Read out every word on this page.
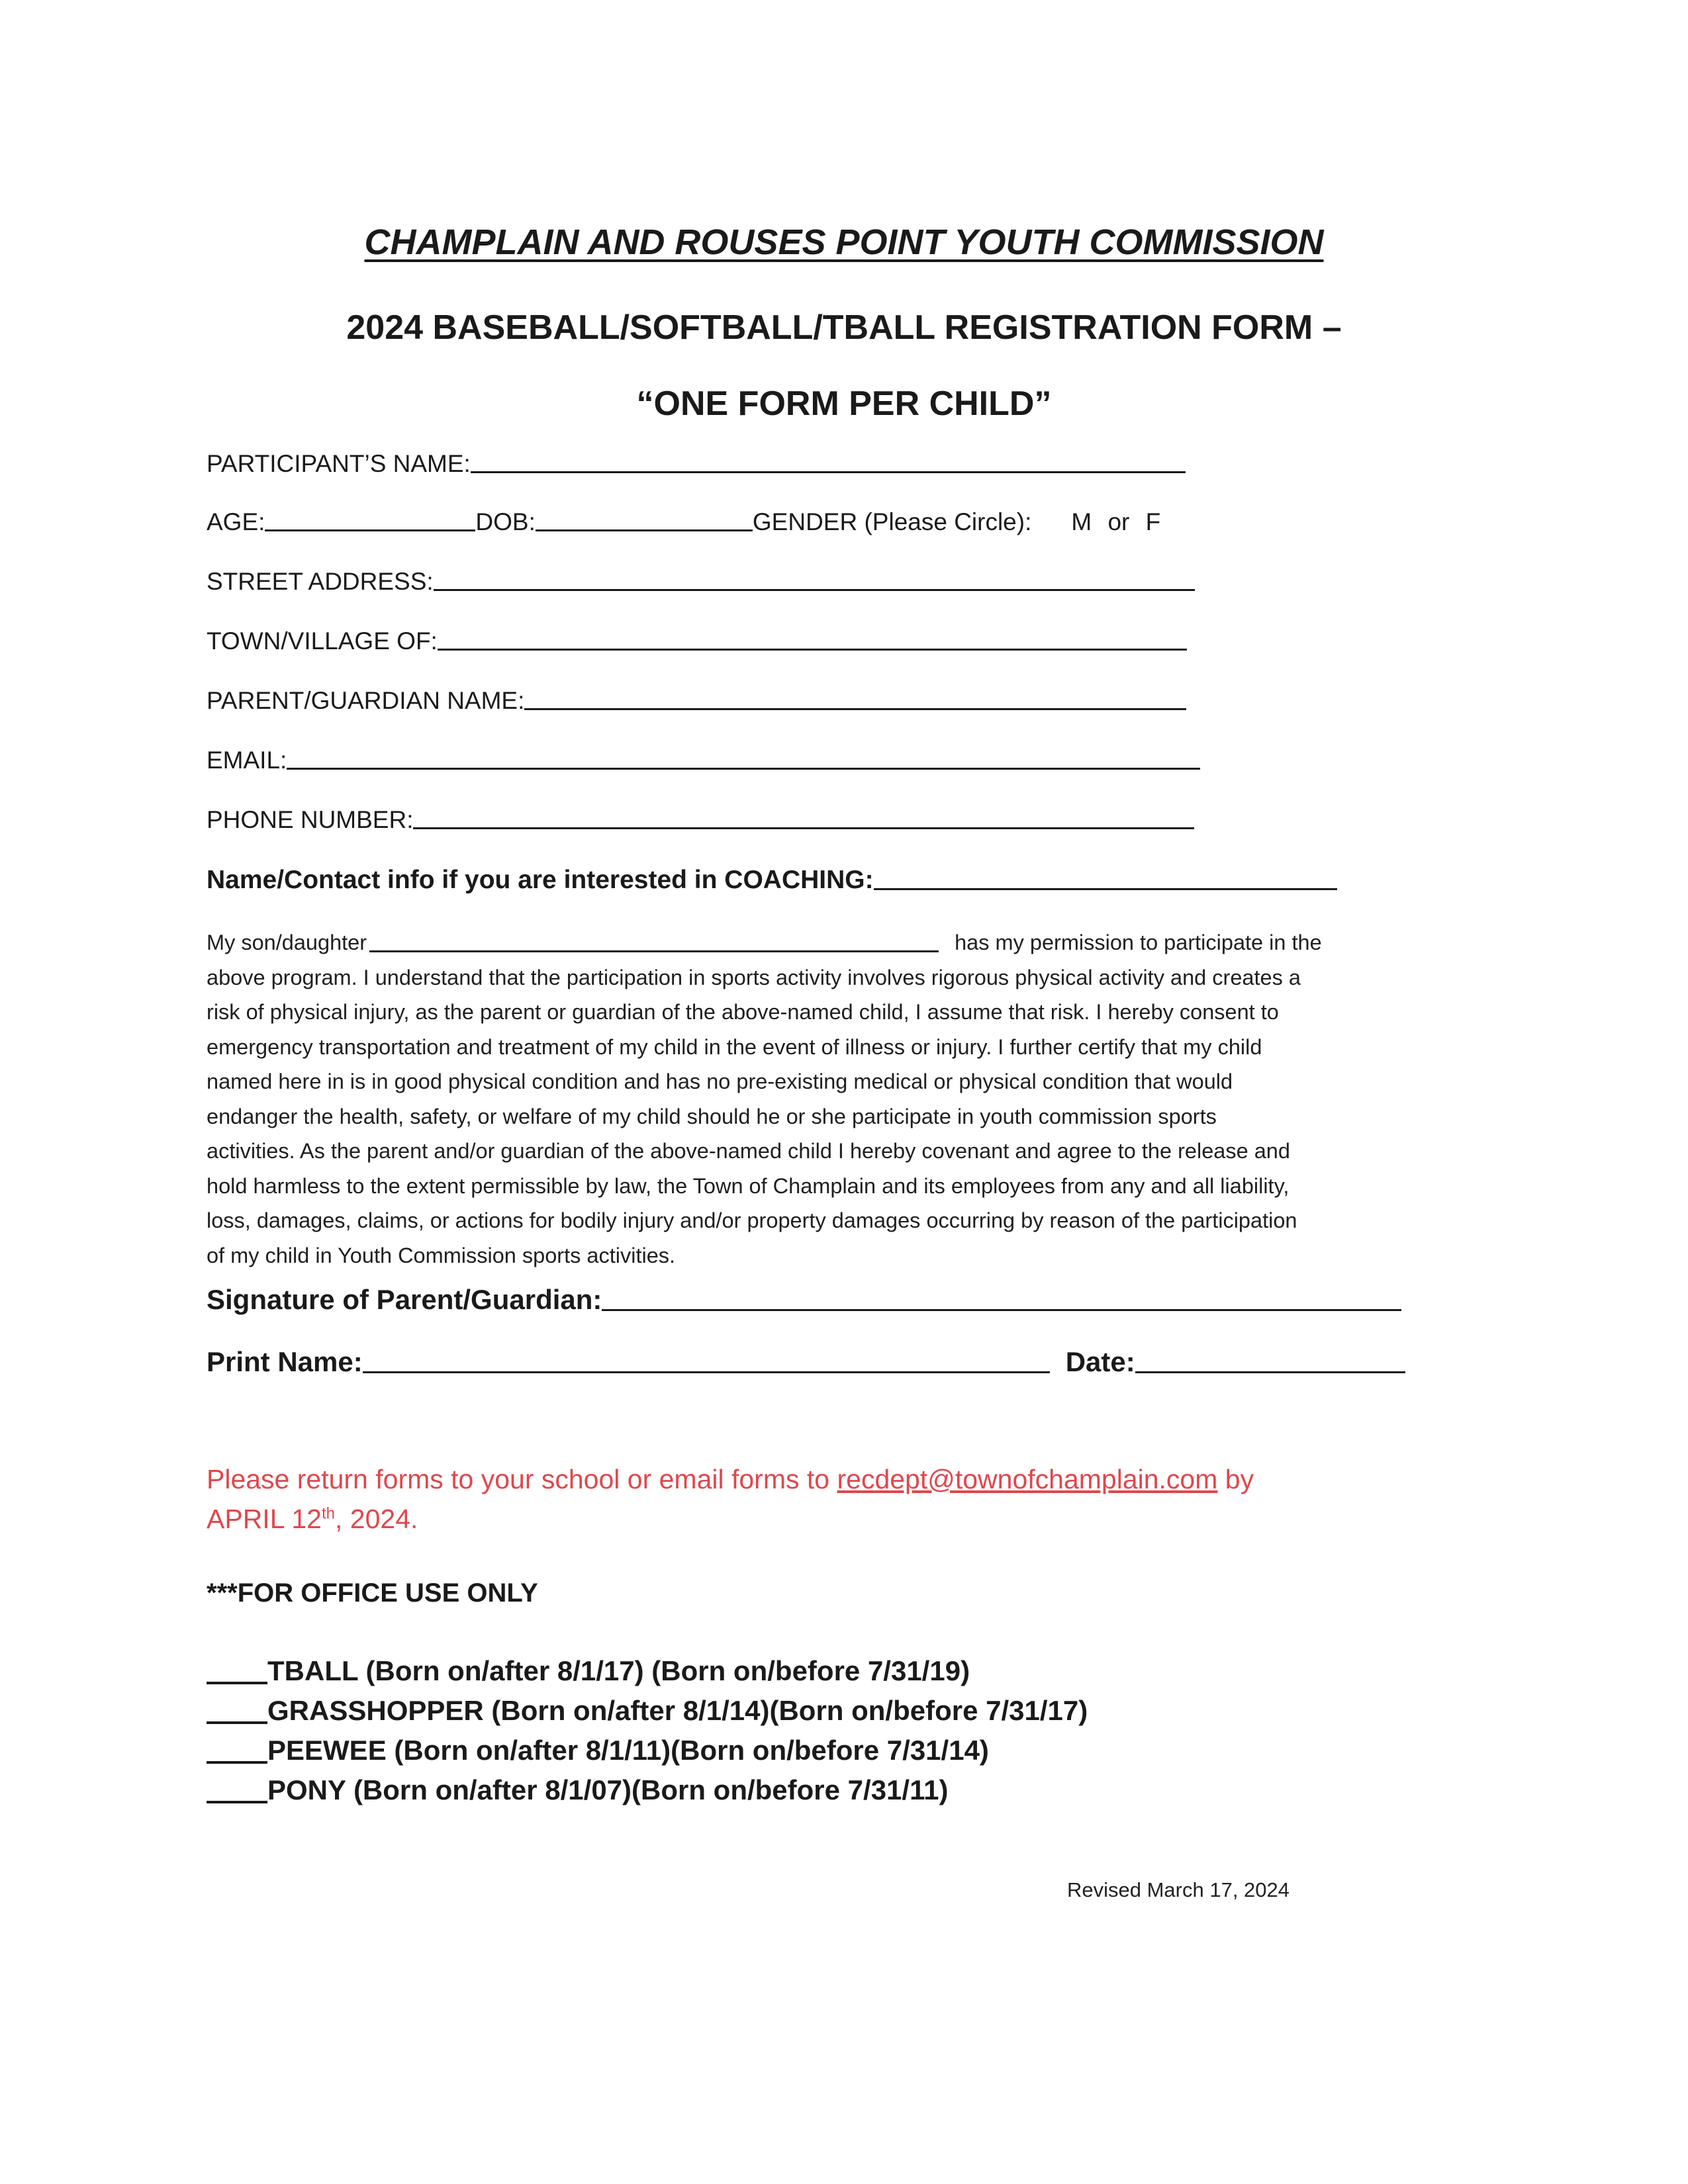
CHAMPLAIN AND ROUSES POINT YOUTH COMMISSION
2024 BASEBALL/SOFTBALL/TBALL REGISTRATION FORM –
“ONE FORM PER CHILD”
PARTICIPANT’S NAME:
AGE:	DOB:	GENDER (Please Circle): M or F
STREET ADDRESS:
TOWN/VILLAGE OF:
PARENT/GUARDIAN NAME:
EMAIL:
PHONE NUMBER:
Name/Contact info if you are interested in COACHING:
My son/daughter	has my permission to participate in the
above program. I understand that the participation in sports activity involves rigorous physical activity and creates a
risk of physical injury, as the parent or guardian of the above-named child, I assume that risk. I hereby consent to
emergency transportation and treatment of my child in the event of illness or injury. I further certify that my child
named here in is in good physical condition and has no pre-existing medical or physical condition that would
endanger the health, safety, or welfare of my child should he or she participate in youth commission sports
activities. As the parent and/or guardian of the above-named child I hereby covenant and agree to the release and
hold harmless to the extent permissible by law, the Town of Champlain and its employees from any and all liability,
loss, damages, claims, or actions for bodily injury and/or property damages occurring by reason of the participation
of my child in Youth Commission sports activities.
Signature of Parent/Guardian:
Print Name:	Date:
Please return forms to your school or email forms to recdept@townofchamplain.com by
APRIL 12th, 2024.
***FOR OFFICE USE ONLY
TBALL (Born on/after 8/1/17) (Born on/before 7/31/19)
GRASSHOPPER (Born on/after 8/1/14)(Born on/before 7/31/17)
PEEWEE (Born on/after 8/1/11)(Born on/before 7/31/14)
PONY (Born on/after 8/1/07)(Born on/before 7/31/11)
Revised March 17, 2024
